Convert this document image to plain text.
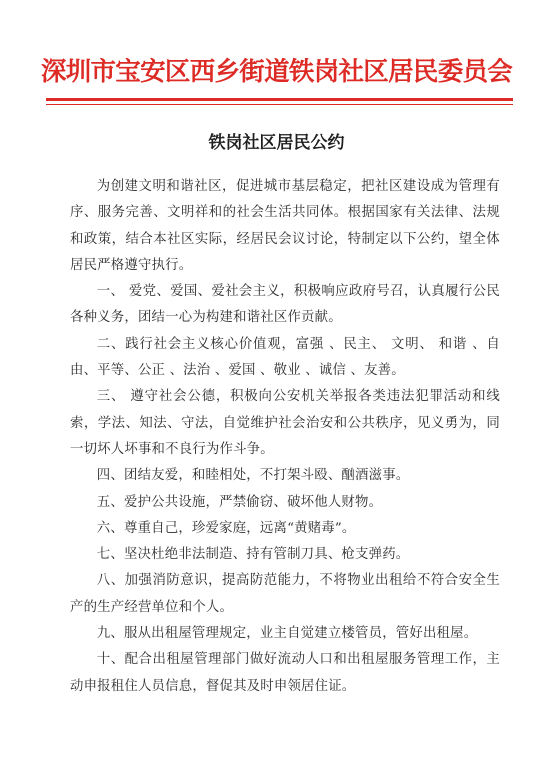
深圳市宝安区西乡街道铁岗社区居民委员会
铁岗社区居民公约

为创建文明和谐社区，促进城市基层稳定，把社区建设成为管理有序、服务完善、文明祥和的社会生活共同体。根据国家有关法律、法规和政策，结合本社区实际，经居民会议讨论，特制定以下公约，望全体居民严格遵守执行。

一、 爱党、爱国、爱社会主义，积极响应政府号召，认真履行公民各种义务，团结一心为构建和谐社区作贡献。

二、践行社会主义核心价值观，富强 、民主、 文明、 和谐 、自由、平等、公正 、法治 、爱国 、敬业 、诚信 、友善。

三、 遵守社会公德，积极向公安机关举报各类违法犯罪活动和线索，学法、知法、守法，自觉维护社会治安和公共秩序，见义勇为，同一切坏人坏事和不良行为作斗争。

四、团结友爱，和睦相处，不打架斗殴、酗酒滋事。

五、爱护公共设施，严禁偷窃、破坏他人财物。

六、尊重自己，珍爱家庭，远离“黄赌毒”。

七、坚决杜绝非法制造、持有管制刀具、枪支弹药。

八、加强消防意识，提高防范能力，不将物业出租给不符合安全生产的生产经营单位和个人。

九、服从出租屋管理规定，业主自觉建立楼管员，管好出租屋。

十、配合出租屋管理部门做好流动人口和出租屋服务管理工作，主动申报租住人员信息，督促其及时申领居住证。
